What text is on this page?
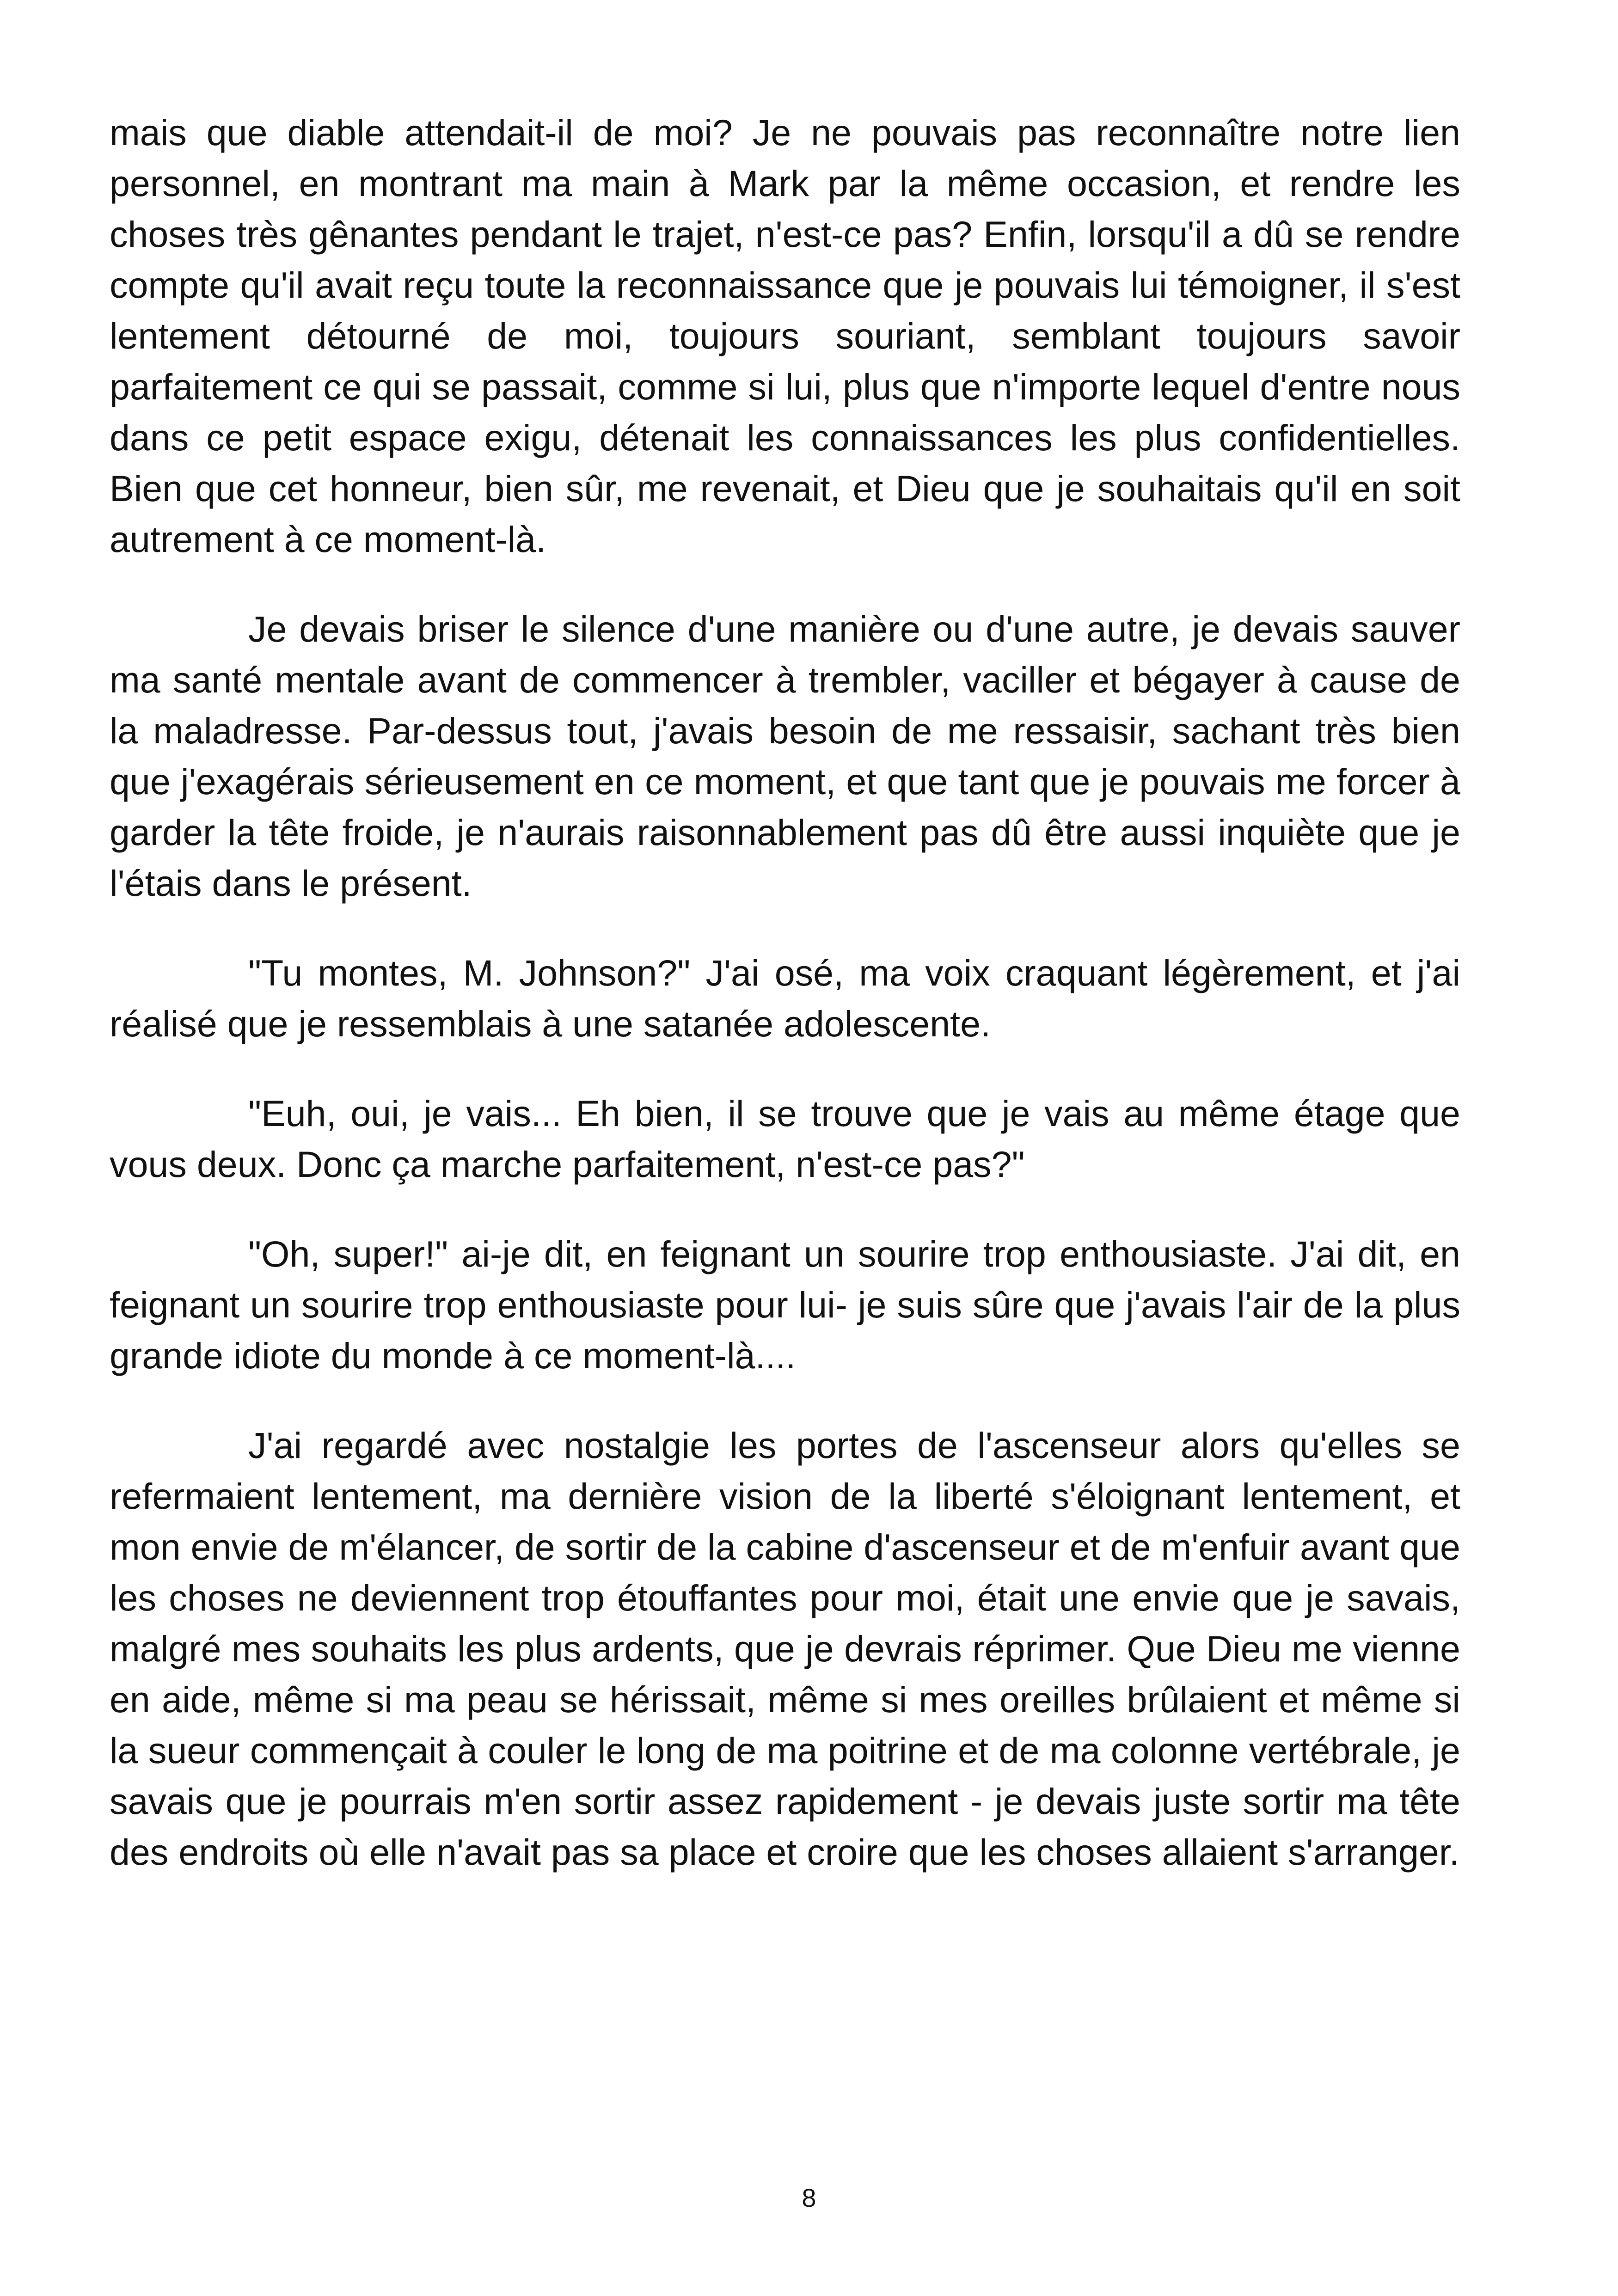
mais que diable attendait-il de moi? Je ne pouvais pas reconnaître notre lien personnel, en montrant ma main à Mark par la même occasion, et rendre les choses très gênantes pendant le trajet, n'est-ce pas? Enfin, lorsqu'il a dû se rendre compte qu'il avait reçu toute la reconnaissance que je pouvais lui témoigner, il s'est lentement détourné de moi, toujours souriant, semblant toujours savoir parfaitement ce qui se passait, comme si lui, plus que n'importe lequel d'entre nous dans ce petit espace exigu, détenait les connaissances les plus confidentielles. Bien que cet honneur, bien sûr, me revenait, et Dieu que je souhaitais qu'il en soit autrement à ce moment-là.

Je devais briser le silence d'une manière ou d'une autre, je devais sauver ma santé mentale avant de commencer à trembler, vaciller et bégayer à cause de la maladresse. Par-dessus tout, j'avais besoin de me ressaisir, sachant très bien que j'exagérais sérieusement en ce moment, et que tant que je pouvais me forcer à garder la tête froide, je n'aurais raisonnablement pas dû être aussi inquiète que je l'étais dans le présent.

"Tu montes, M. Johnson?" J'ai osé, ma voix craquant légèrement, et j'ai réalisé que je ressemblais à une satanée adolescente.

"Euh, oui, je vais... Eh bien, il se trouve que je vais au même étage que vous deux. Donc ça marche parfaitement, n'est-ce pas?"

"Oh, super!" ai-je dit, en feignant un sourire trop enthousiaste. J'ai dit, en feignant un sourire trop enthousiaste pour lui- je suis sûre que j'avais l'air de la plus grande idiote du monde à ce moment-là....

J'ai regardé avec nostalgie les portes de l'ascenseur alors qu'elles se refermaient lentement, ma dernière vision de la liberté s'éloignant lentement, et mon envie de m'élancer, de sortir de la cabine d'ascenseur et de m'enfuir avant que les choses ne deviennent trop étouffantes pour moi, était une envie que je savais, malgré mes souhaits les plus ardents, que je devrais réprimer. Que Dieu me vienne en aide, même si ma peau se hérissait, même si mes oreilles brûlaient et même si la sueur commençait à couler le long de ma poitrine et de ma colonne vertébrale, je savais que je pourrais m'en sortir assez rapidement - je devais juste sortir ma tête des endroits où elle n'avait pas sa place et croire que les choses allaient s'arranger.

8
